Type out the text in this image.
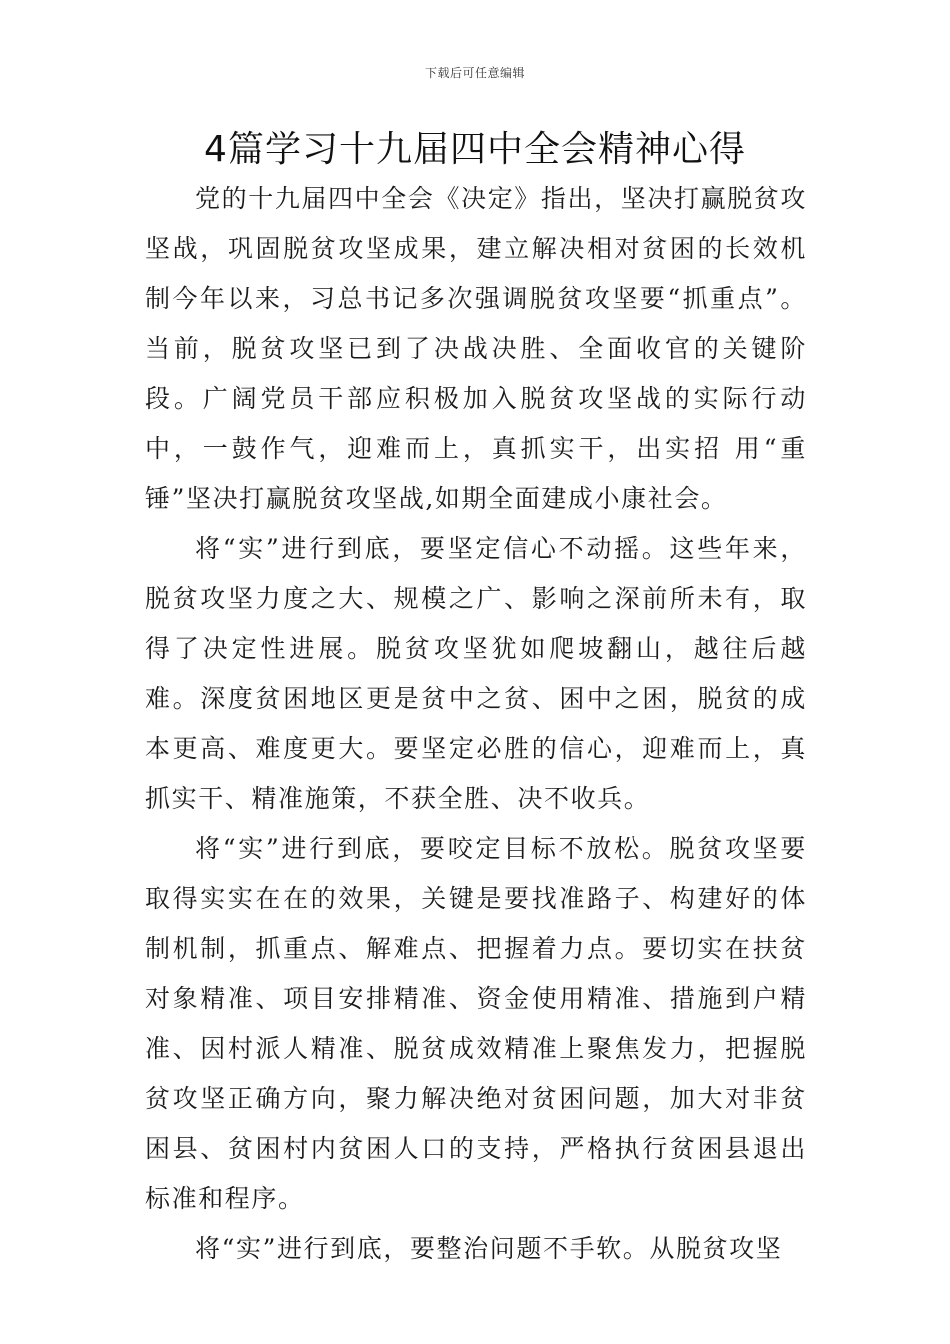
下载后可任意编辑
4篇学习十九届四中全会精神心得

党的十九届四中全会《决定》指出，坚决打赢脱贫攻坚战，巩固脱贫攻坚成果，建立解决相对贫困的长效机制今年以来，习总书记多次强调脱贫攻坚要“抓重点”。当前，脱贫攻坚已到了决战决胜、全面收官的关键阶段。广阔党员干部应积极加入脱贫攻坚战的实际行动中，一鼓作气，迎难而上，真抓实干，出实招 用“重锤”坚决打赢脱贫攻坚战,如期全面建成小康社会。

将“实”进行到底，要坚定信心不动摇。这些年来，脱贫攻坚力度之大、规模之广、影响之深前所未有，取得了决定性进展。脱贫攻坚犹如爬坡翻山，越往后越难。深度贫困地区更是贫中之贫、困中之困，脱贫的成本更高、难度更大。要坚定必胜的信心，迎难而上，真抓实干、精准施策，不获全胜、决不收兵。

将“实”进行到底，要咬定目标不放松。脱贫攻坚要取得实实在在的效果，关键是要找准路子、构建好的体制机制，抓重点、解难点、把握着力点。要切实在扶贫对象精准、项目安排精准、资金使用精准、措施到户精准、因村派人精准、脱贫成效精准上聚焦发力，把握脱贫攻坚正确方向，聚力解决绝对贫困问题，加大对非贫困县、贫困村内贫困人口的支持，严格执行贫困县退出标准和程序。

将“实”进行到底，要整治问题不手软。从脱贫攻坚
